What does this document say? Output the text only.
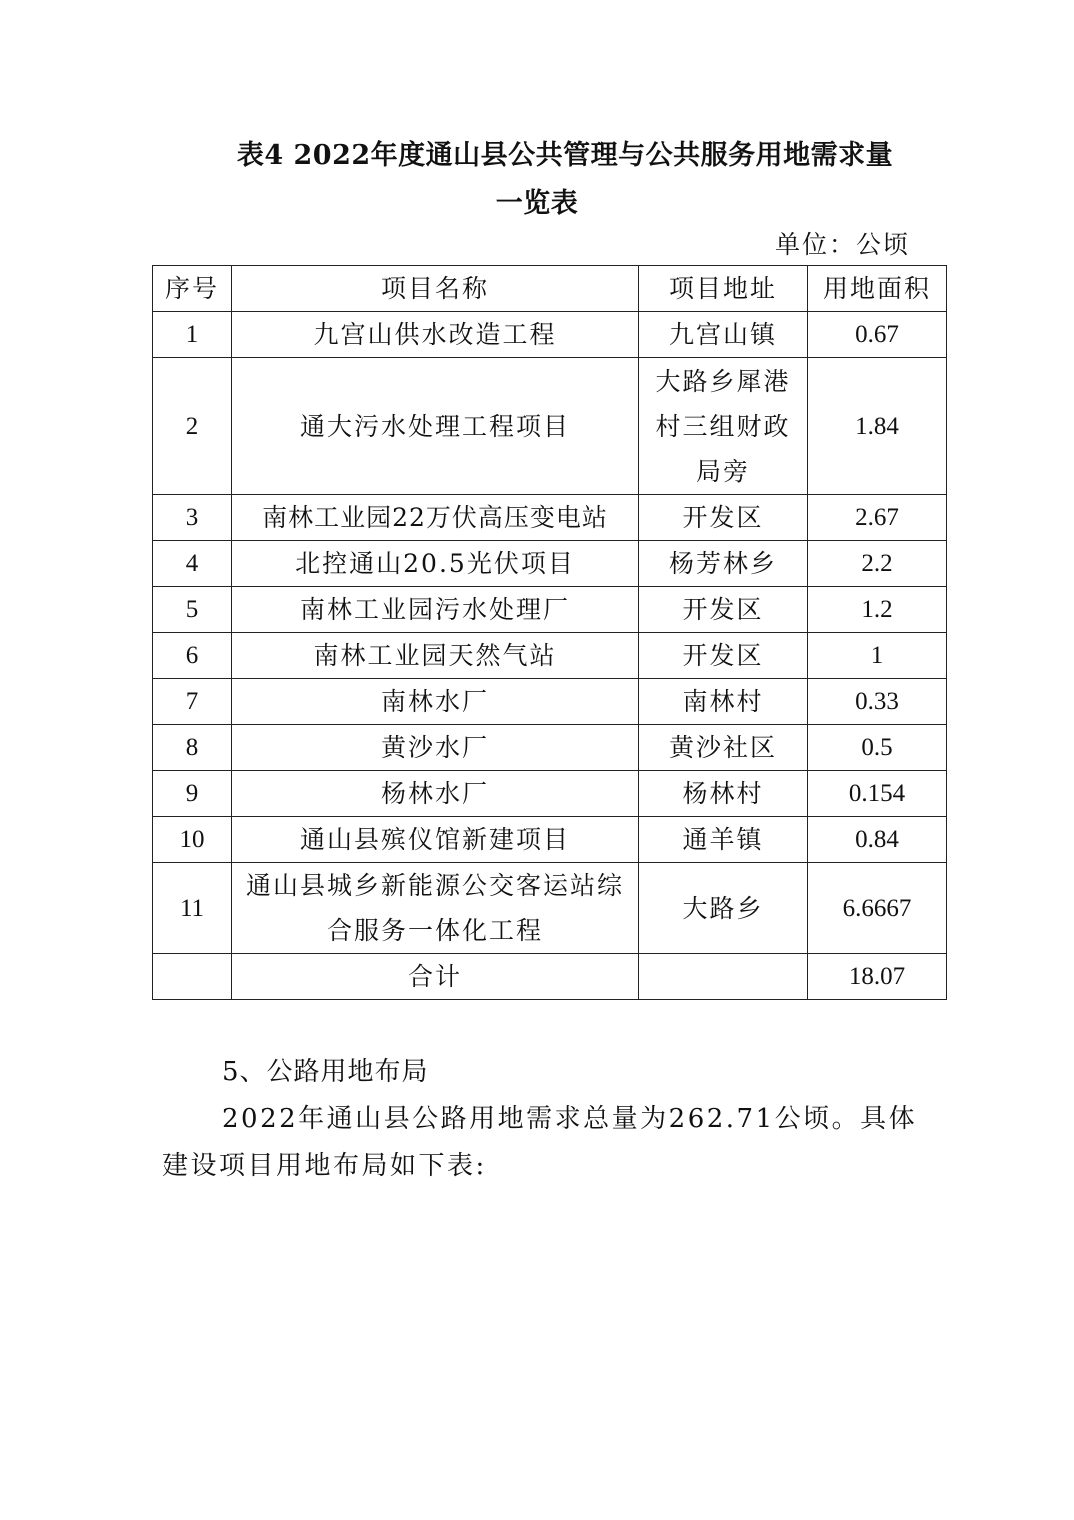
表4 2022年度通山县公共管理与公共服务用地需求量
一览表
单位：公顷
序号	项目名称	项目地址	用地面积
1	九宫山供水改造工程	九宫山镇	0.67
2	通大污水处理工程项目	大路乡犀港村三组财政局旁	1.84
3	南林工业园22万伏高压变电站	开发区	2.67
4	北控通山20.5光伏项目	杨芳林乡	2.2
5	南林工业园污水处理厂	开发区	1.2
6	南林工业园天然气站	开发区	1
7	南林水厂	南林村	0.33
8	黄沙水厂	黄沙社区	0.5
9	杨林水厂	杨林村	0.154
10	通山县殡仪馆新建项目	通羊镇	0.84
11	通山县城乡新能源公交客运站综合服务一体化工程	大路乡	6.6667
	合计		18.07
5、公路用地布局
2022年通山县公路用地需求总量为262.71公顷。具体
建设项目用地布局如下表:
